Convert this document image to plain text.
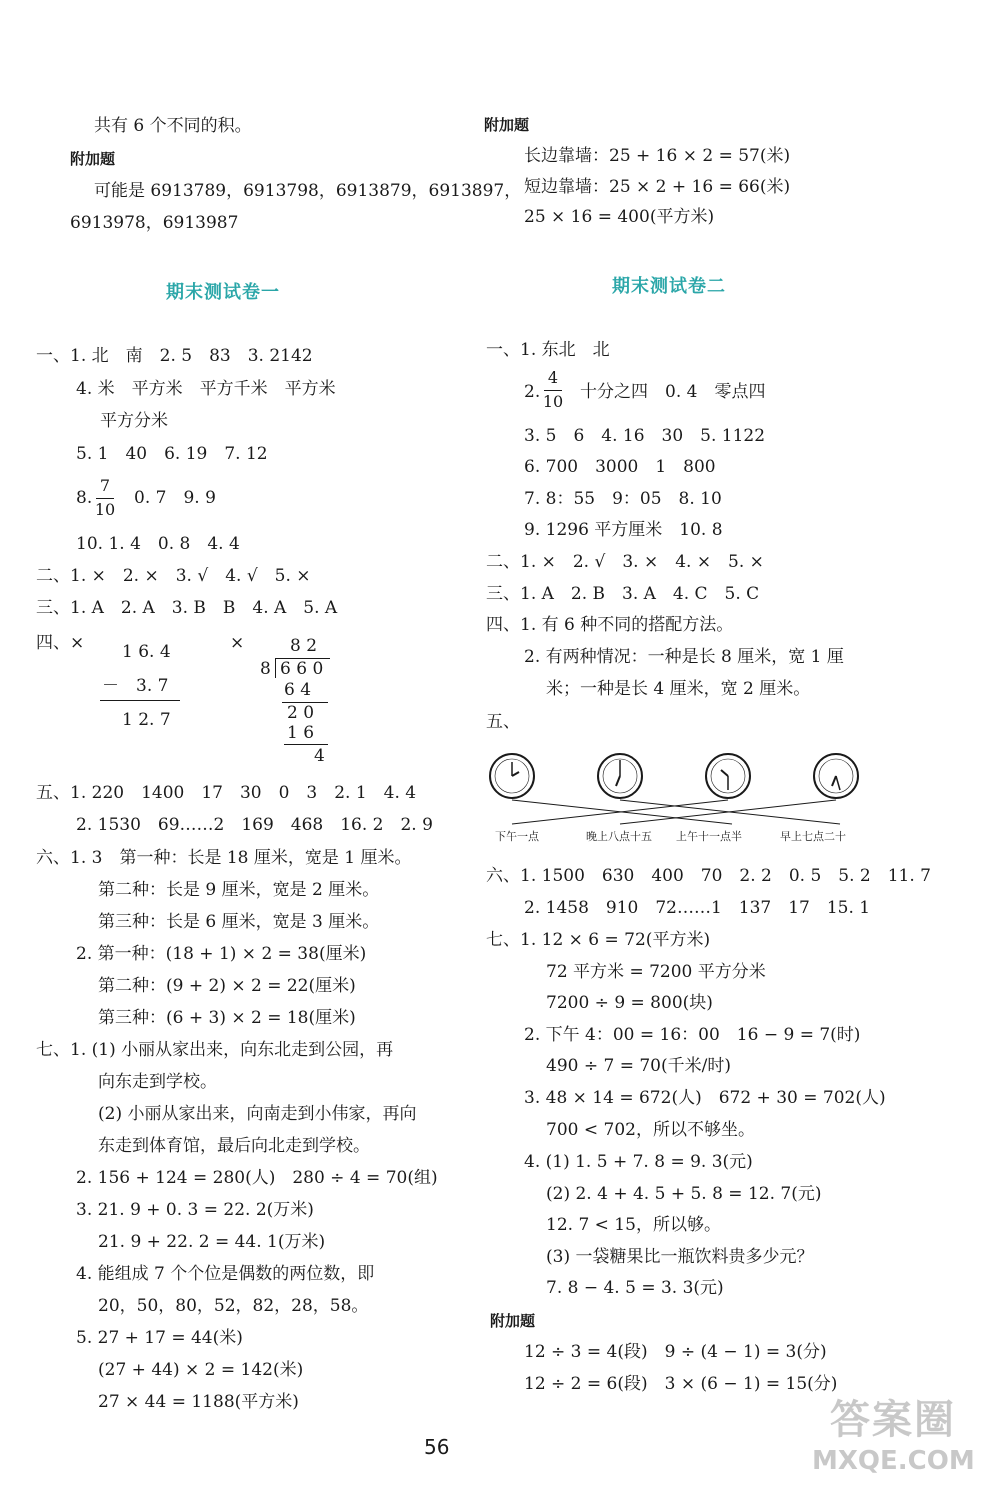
共有 6 个不同的积。
附加题
可能是 6913789，6913798，6913879，6913897，
6913978，6913987
期末测试卷一
一、1. 北　南　2. 5　83　3. 2142
4. 米　平方米　平方千米　平方米
平方分米
5. 1　40　6. 19　7. 12
8.
7
10
0. 7　9. 9
10. 1. 4　0. 8　4. 4
二、1. ×　2. ×　3. √　4. √　5. ×
三、1. A　2. A　3. B　B　4. A　5. A
四、× 1 6. 4
－　3. 7
1 2. 7
×	8 2
8 6 6 0
6 4
2 0
1 6
4
五、1. 220　1400　17　30　0　3　2. 1　4. 4
2. 1530　69……2　169　468　16. 2　2. 9
六、1. 3　第一种：长是 18 厘米，宽是 1 厘米。
第二种：长是 9 厘米，宽是 2 厘米。
第三种：长是 6 厘米，宽是 3 厘米。
2. 第一种：(18 + 1) × 2 = 38(厘米)
第二种：(9 + 2) × 2 = 22(厘米)
第三种：(6 + 3) × 2 = 18(厘米)
七、1. (1) 小丽从家出来，向东北走到公园，再
向东走到学校。
(2) 小丽从家出来，向南走到小伟家，再向
东走到体育馆，最后向北走到学校。
2. 156 + 124 = 280(人)　280 ÷ 4 = 70(组)
3. 21. 9 + 0. 3 = 22. 2(万米)
21. 9 + 22. 2 = 44. 1(万米)
4. 能组成 7 个个位是偶数的两位数，即
20，50，80，52，82，28，58。
5. 27 + 17 = 44(米)
(27 + 44) × 2 = 142(米)
27 × 44 = 1188(平方米)
附加题
长边靠墙：25 + 16 × 2 = 57(米)
短边靠墙：25 × 2 + 16 = 66(米)
25 × 16 = 400(平方米)
期末测试卷二
一、1. 东北　北
2.
4
10 十分之四　0. 4　零点四
3. 5　6　4. 16　30　5. 1122
6. 700　3000　1　800
7. 8：55　9：05　8. 10
9. 1296 平方厘米　10. 8
二、1. ×　2. √　3. ×　4. ×　5. ×
三、1. A　2. B　3. A　4. C　5. C
四、1. 有 6 种不同的搭配方法。
2. 有两种情况：一种是长 8 厘米，宽 1 厘
米；一种是长 4 厘米，宽 2 厘米。
五、
下午一点	晚上八点十五 上午十一点半	早上七点二十
六、1. 1500　630　400　70　2. 2　0. 5　5. 2　11. 7
2. 1458　910　72……1　137　17　15. 1
七、1. 12 × 6 = 72(平方米)
72 平方米 = 7200 平方分米
7200 ÷ 9 = 800(块)
2. 下午 4：00 = 16：00　16 − 9 = 7(时)
490 ÷ 7 = 70(千米/时)
3. 48 × 14 = 672(人)　672 + 30 = 702(人)
700 < 702，所以不够坐。
4. (1) 1. 5 + 7. 8 = 9. 3(元)
(2) 2. 4 + 4. 5 + 5. 8 = 12. 7(元)
12. 7 < 15，所以够。
(3) 一袋糖果比一瓶饮料贵多少元？
7. 8 − 4. 5 = 3. 3(元)
附加题
12 ÷ 3 = 4(段)　9 ÷ (4 − 1) = 3(分)
12 ÷ 2 = 6(段)　3 × (6 − 1) = 15(分)
56
答案圈
MXQE.COM
